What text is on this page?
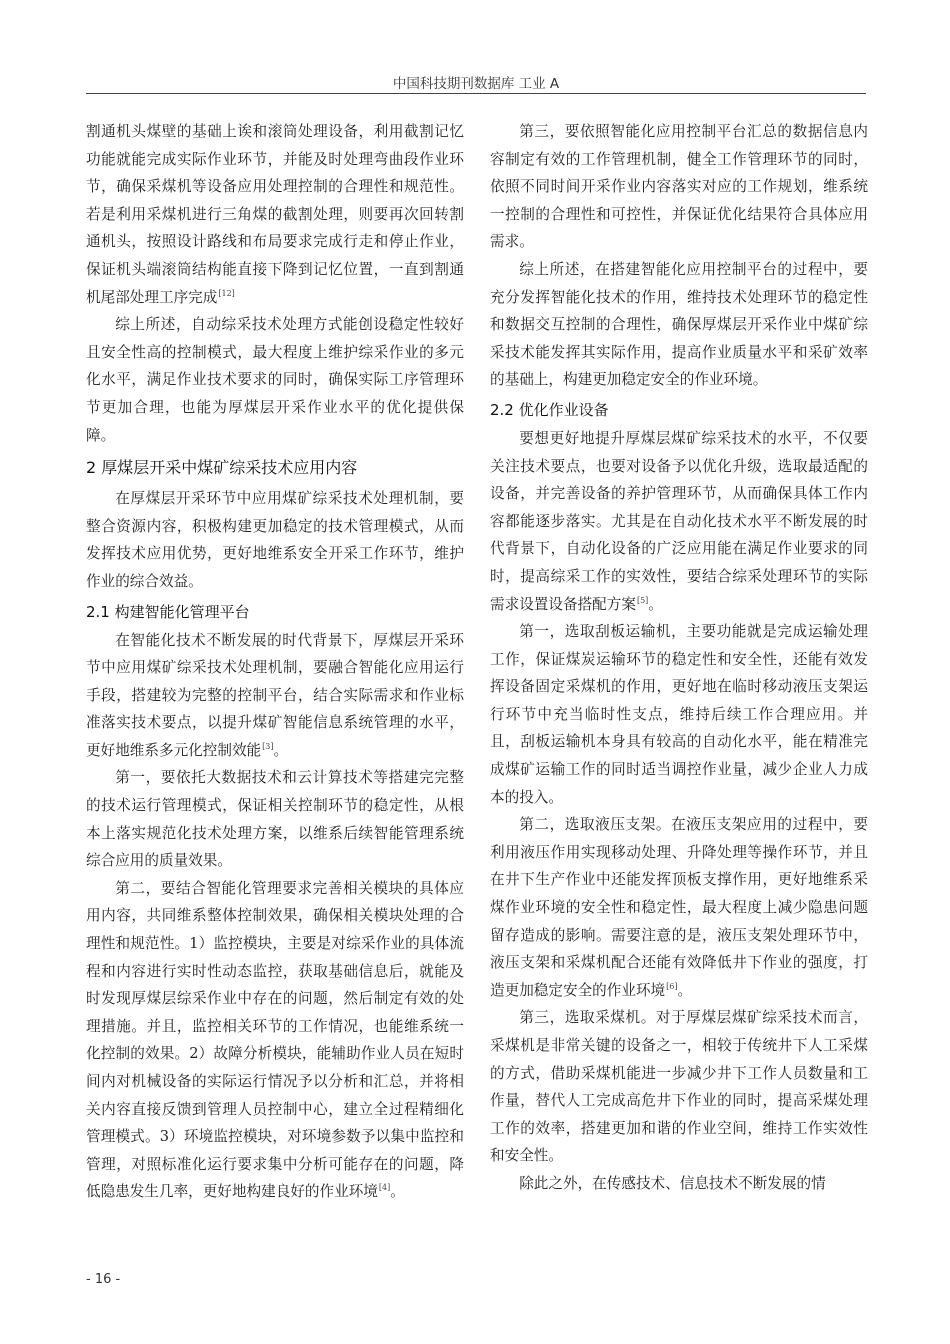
中国科技期刊数据库 工业 A

割通机头煤壁的基础上诶和滚筒处理设备，利用截割记忆功能就能完成实际作业环节，并能及时处理弯曲段作业环节，确保采煤机等设备应用处理控制的合理性和规范性。若是利用采煤机进行三角煤的截割处理，则要再次回转割通机头，按照设计路线和布局要求完成行走和停止作业，保证机头端滚筒结构能直接下降到记忆位置，一直到割通机尾部处理工序完成[12]

综上所述，自动综采技术处理方式能创设稳定性较好且安全性高的控制模式，最大程度上维护综采作业的多元化水平，满足作业技术要求的同时，确保实际工序管理环节更加合理，也能为厚煤层开采作业水平的优化提供保障。

2 厚煤层开采中煤矿综采技术应用内容

在厚煤层开采环节中应用煤矿综采技术处理机制，要整合资源内容，积极构建更加稳定的技术管理模式，从而发挥技术应用优势，更好地维系安全开采工作环节，维护作业的综合效益。

2.1 构建智能化管理平台

在智能化技术不断发展的时代背景下，厚煤层开采环节中应用煤矿综采技术处理机制，要融合智能化应用运行手段，搭建较为完整的控制平台，结合实际需求和作业标准落实技术要点，以提升煤矿智能信息系统管理的水平，更好地维系多元化控制效能[3]。

第一，要依托大数据技术和云计算技术等搭建完完整的技术运行管理模式，保证相关控制环节的稳定性，从根本上落实规范化技术处理方案，以维系后续智能管理系统综合应用的质量效果。

第二，要结合智能化管理要求完善相关模块的具体应用内容，共同维系整体控制效果，确保相关模块处理的合理性和规范性。1）监控模块，主要是对综采作业的具体流程和内容进行实时性动态监控，获取基础信息后，就能及时发现厚煤层综采作业中存在的问题，然后制定有效的处理措施。并且，监控相关环节的工作情况，也能维系统一化控制的效果。2）故障分析模块，能辅助作业人员在短时间内对机械设备的实际运行情况予以分析和汇总，并将相关内容直接反馈到管理人员控制中心，建立全过程精细化管理模式。3）环境监控模块，对环境参数予以集中监控和管理，对照标准化运行要求集中分析可能存在的问题，降低隐患发生几率，更好地构建良好的作业环境[4]。

第三，要依照智能化应用控制平台汇总的数据信息内容制定有效的工作管理机制，健全工作管理环节的同时，依照不同时间开采作业内容落实对应的工作规划，维系统一控制的合理性和可控性，并保证优化结果符合具体应用需求。

综上所述，在搭建智能化应用控制平台的过程中，要充分发挥智能化技术的作用，维持技术处理环节的稳定性和数据交互控制的合理性，确保厚煤层开采作业中煤矿综采技术能发挥其实际作用，提高作业质量水平和采矿效率的基础上，构建更加稳定安全的作业环境。

2.2 优化作业设备

要想更好地提升厚煤层煤矿综采技术的水平，不仅要关注技术要点，也要对设备予以优化升级，选取最适配的设备，并完善设备的养护管理环节，从而确保具体工作内容都能逐步落实。尤其是在自动化技术水平不断发展的时代背景下，自动化设备的广泛应用能在满足作业要求的同时，提高综采工作的实效性，要结合综采处理环节的实际需求设置设备搭配方案[5]。

第一，选取刮板运输机，主要功能就是完成运输处理工作，保证煤炭运输环节的稳定性和安全性，还能有效发挥设备固定采煤机的作用，更好地在临时移动液压支架运行环节中充当临时性支点，维持后续工作合理应用。并且，刮板运输机本身具有较高的自动化水平，能在精准完成煤矿运输工作的同时适当调控作业量，减少企业人力成本的投入。

第二，选取液压支架。在液压支架应用的过程中，要利用液压作用实现移动处理、升降处理等操作环节，并且在井下生产作业中还能发挥顶板支撑作用，更好地维系采煤作业环境的安全性和稳定性，最大程度上减少隐患问题留存造成的影响。需要注意的是，液压支架处理环节中，液压支架和采煤机配合还能有效降低井下作业的强度，打造更加稳定安全的作业环境[6]。

第三，选取采煤机。对于厚煤层煤矿综采技术而言，采煤机是非常关键的设备之一，相较于传统井下人工采煤的方式，借助采煤机能进一步减少井下工作人员数量和工作量，替代人工完成高危井下作业的同时，提高采煤处理工作的效率，搭建更加和谐的作业空间，维持工作实效性和安全性。

除此之外，在传感技术、信息技术不断发展的情

- 16 -
